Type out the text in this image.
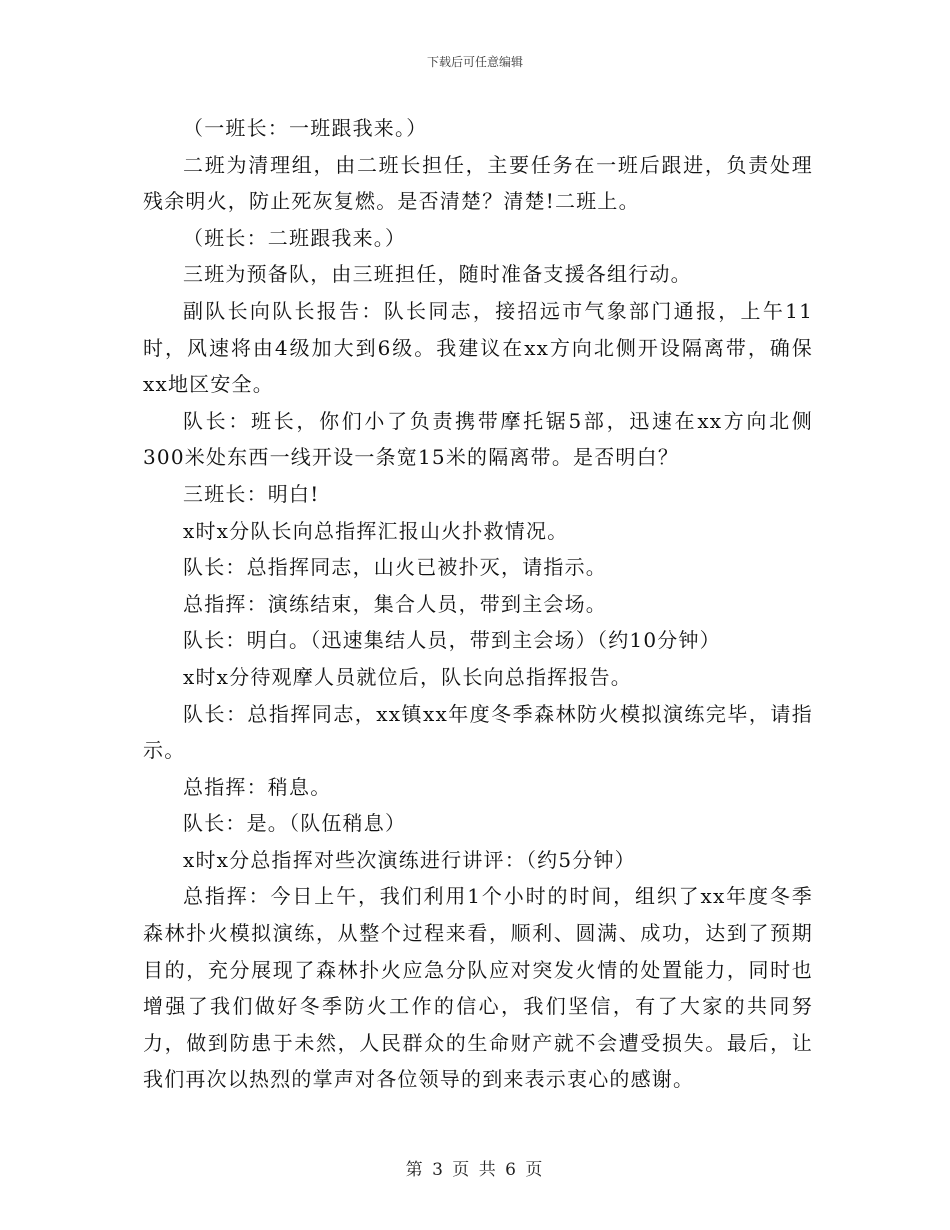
下载后可任意编辑

（一班长：一班跟我来。）

二班为清理组，由二班长担任，主要任务在一班后跟进，负责处理残余明火，防止死灰复燃。是否清楚？清楚!二班上。

（班长：二班跟我来。）

三班为预备队，由三班担任，随时准备支援各组行动。

副队长向队长报告：队长同志，接招远市气象部门通报，上午11时，风速将由4级加大到6级。我建议在xx方向北侧开设隔离带，确保xx地区安全。

队长：班长，你们小了负责携带摩托锯5部，迅速在xx方向北侧300米处东西一线开设一条宽15米的隔离带。是否明白？

三班长：明白!

x时x分队长向总指挥汇报山火扑救情况。

队长：总指挥同志，山火已被扑灭，请指示。

总指挥：演练结束，集合人员，带到主会场。

队长：明白。（迅速集结人员，带到主会场）（约10分钟）

x时x分待观摩人员就位后，队长向总指挥报告。

队长：总指挥同志，xx镇xx年度冬季森林防火模拟演练完毕，请指示。

总指挥：稍息。

队长：是。（队伍稍息）

x时x分总指挥对些次演练进行讲评：（约5分钟）

总指挥：今日上午，我们利用1个小时的时间，组织了xx年度冬季森林扑火模拟演练，从整个过程来看，顺利、圆满、成功，达到了预期目的，充分展现了森林扑火应急分队应对突发火情的处置能力，同时也增强了我们做好冬季防火工作的信心，我们坚信，有了大家的共同努力，做到防患于未然，人民群众的生命财产就不会遭受损失。最后，让我们再次以热烈的掌声对各位领导的到来表示衷心的感谢。

第 3 页 共 6 页
